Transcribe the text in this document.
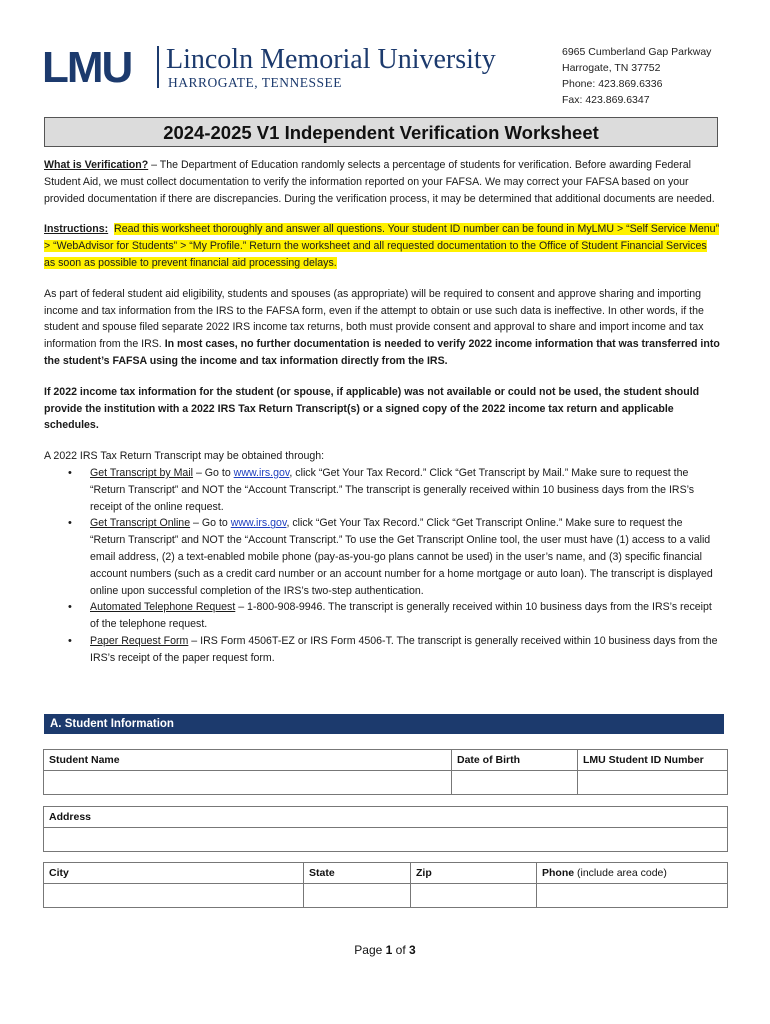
LMU Lincoln Memorial University
HARROGATE, TENNESSEE
6965 Cumberland Gap Parkway
Harrogate, TN 37752
Phone: 423.869.6336
Fax: 423.869.6347
2024-2025 V1 Independent Verification Worksheet

What is Verification? – The Department of Education randomly selects a percentage of students for verification. Before awarding Federal Student Aid, we must collect documentation to verify the information reported on your FAFSA. We may correct your FAFSA based on your provided documentation if there are discrepancies. During the verification process, it may be determined that additional documents are needed.

Instructions: Read this worksheet thoroughly and answer all questions. Your student ID number can be found in MyLMU > “Self Service Menu” > “WebAdvisor for Students” > “My Profile.” Return the worksheet and all requested documentation to the Office of Student Financial Services as soon as possible to prevent financial aid processing delays.

As part of federal student aid eligibility, students and spouses (as appropriate) will be required to consent and approve sharing and importing income and tax information from the IRS to the FAFSA form, even if the attempt to obtain or use such data is ineffective. In other words, if the student and spouse filed separate 2022 IRS income tax returns, both must provide consent and approval to share and import income and tax information from the IRS. In most cases, no further documentation is needed to verify 2022 income information that was transferred into the student’s FAFSA using the income and tax information directly from the IRS.

If 2022 income tax information for the student (or spouse, if applicable) was not available or could not be used, the student should provide the institution with a 2022 IRS Tax Return Transcript(s) or a signed copy of the 2022 income tax return and applicable schedules.

A 2022 IRS Tax Return Transcript may be obtained through:
• Get Transcript by Mail – Go to www.irs.gov, click “Get Your Tax Record.” Click “Get Transcript by Mail.” Make sure to request the “Return Transcript” and NOT the “Account Transcript.” The transcript is generally received within 10 business days from the IRS’s receipt of the online request.
• Get Transcript Online – Go to www.irs.gov, click “Get Your Tax Record.” Click “Get Transcript Online.” Make sure to request the “Return Transcript” and NOT the “Account Transcript.” To use the Get Transcript Online tool, the user must have (1) access to a valid email address, (2) a text-enabled mobile phone (pay-as-you-go plans cannot be used) in the user’s name, and (3) specific financial account numbers (such as a credit card number or an account number for a home mortgage or auto loan). The transcript is displayed online upon successful completion of the IRS’s two-step authentication.
• Automated Telephone Request – 1-800-908-9946. The transcript is generally received within 10 business days from the IRS’s receipt of the telephone request.
• Paper Request Form – IRS Form 4506T-EZ or IRS Form 4506-T. The transcript is generally received within 10 business days from the IRS’s receipt of the paper request form.
A. Student Information
Student Name	Date of Birth	LMU Student ID Number

Address

City	State	Zip	Phone (include area code)

Page 1 of 3
